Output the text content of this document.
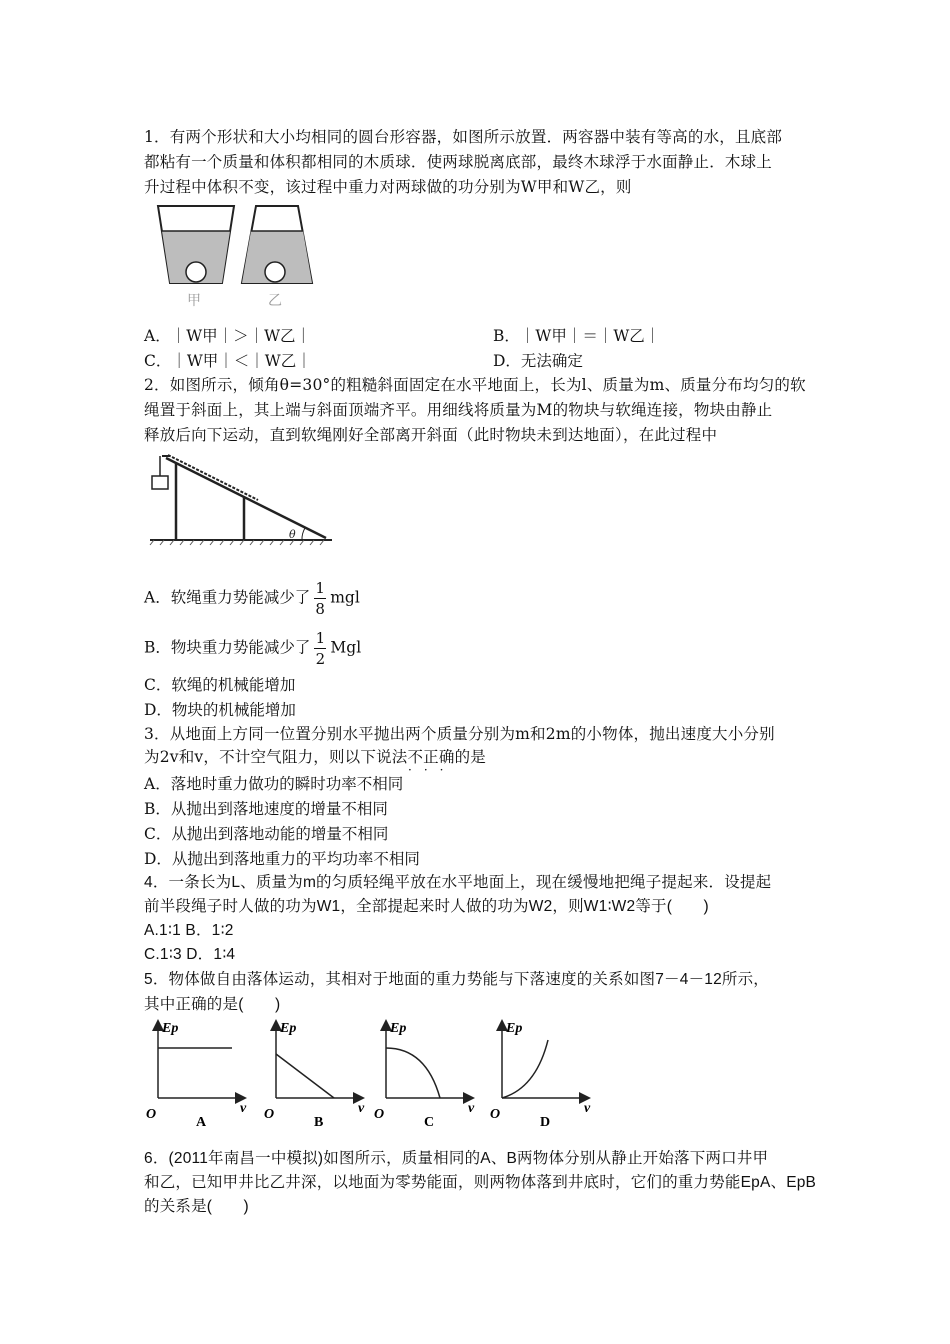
1．有两个形状和大小均相同的圆台形容器，如图所示放置．两容器中装有等高的水，且底部
都粘有一个质量和体积都相同的木质球．使两球脱离底部，最终木球浮于水面静止．木球上
升过程中体积不变，该过程中重力对两球做的功分别为W甲和W乙，则
甲	乙
A．｜W甲｜＞｜W乙｜	B．｜W甲｜＝｜W乙｜
C．｜W甲｜＜｜W乙｜	D．无法确定
2．如图所示，倾角θ=30°的粗糙斜面固定在水平地面上，长为l、质量为m、质量分布均匀的软
绳置于斜面上，其上端与斜面顶端齐平。用细线将质量为M的物块与软绳连接，物块由静止
释放后向下运动，直到软绳刚好全部离开斜面（此时物块未到达地面），在此过程中
θ
A．软绳重力势能减少了 $\frac{1}{8}$ mgl
B．物块重力势能减少了 $\frac{1}{2}$ Mgl
C．软绳的机械能增加
D．物块的机械能增加
3．从地面上方同一位置分别水平抛出两个质量分别为m和2m的小物体，抛出速度大小分别
为2v和v，不计空气阻力，则以下说法不正确的是
·　·　·
A．落地时重力做功的瞬时功率不相同
B．从抛出到落地速度的增量不相同
C．从抛出到落地动能的增量不相同
D．从抛出到落地重力的平均功率不相同
4．一条长为L、质量为m的匀质轻绳平放在水平地面上，现在缓慢地把绳子提起来．设提起
前半段绳子时人做的功为W1，全部提起来时人做的功为W2，则W1∶W2等于(　　)
A.1∶1 B．1∶2
C.1∶3 D．1∶4
5．物体做自由落体运动，其相对于地面的重力势能与下落速度的关系如图7－4－12所示，
其中正确的是(　　)
Ep
O	v
A
Ep
O	v
B
Ep
O	v
C
Ep
O	v
D
6．(2011年南昌一中模拟)如图所示，质量相同的A、B两物体分别从静止开始落下两口井甲
和乙，已知甲井比乙井深，以地面为零势能面，则两物体落到井底时，它们的重力势能EpA、EpB
的关系是(　　)
